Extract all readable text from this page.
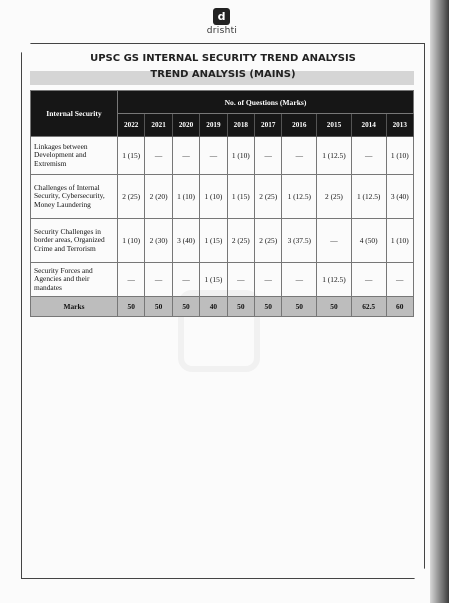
d
drishti
UPSC GS INTERNAL SECURITY TREND ANALYSIS
TREND ANALYSIS (MAINS)
Internal Security	No. of Questions (Marks)									
	2022	2021	2020	2019	2018	2017	2016	2015	2014	2013
Linkages between Development and Extremism	1 (15)	—	—	—	1 (10)	—	—	1 (12.5)	—	1 (10)
Challenges of Internal Security, Cybersecurity, Money Laundering	2 (25)	2 (20)	1 (10)	1 (10)	1 (15)	2 (25)	1 (12.5)	2 (25)	1 (12.5)	3 (40)
Security Challenges in border areas, Organized Crime and Terrorism	1 (10)	2 (30)	3 (40)	1 (15)	2 (25)	2 (25)	3 (37.5)	—	4 (50)	1 (10)
Security Forces and Agencies and their mandates	—	—	—	1 (15)	—	—	—	1 (12.5)	—	—
Marks	50	50	50	40	50	50	50	50	62.5	60
